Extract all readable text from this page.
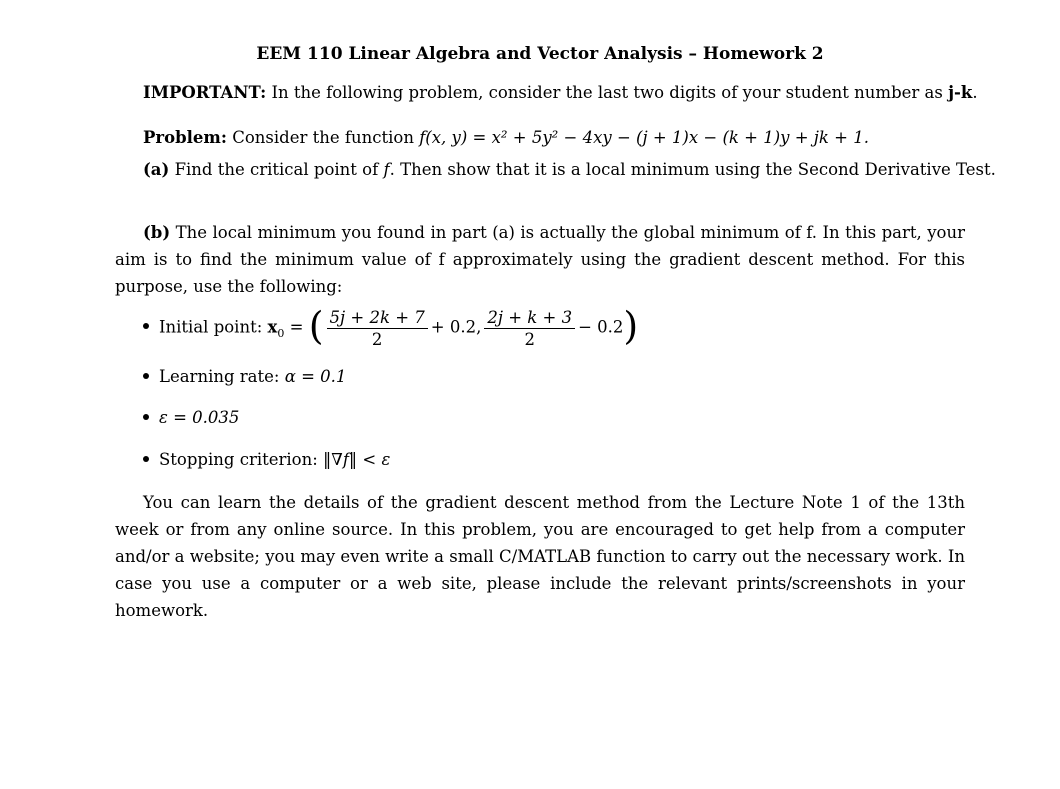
EEM 110 Linear Algebra and Vector Analysis – Homework 2
IMPORTANT: In the following problem, consider the last two digits of your student number as j-k.
Problem: Consider the function f(x, y) = x² + 5y² − 4xy − (j + 1)x − (k + 1)y + jk + 1.
(a) Find the critical point of f. Then show that it is a local minimum using the Second Derivative Test.
(b) The local minimum you found in part (a) is actually the global minimum of f. In this part, your aim is to find the minimum value of f approximately using the gradient descent method. For this purpose, use the following:
Initial point: $x_0$ = ( $\frac{5j + 2k + 7}{2} + 0.2$, $\frac{2j + k + 3}{2} - 0.2$)
Learning rate: α = 0.1
ε = 0.035
Stopping criterion: ‖∇f‖ < ε
You can learn the details of the gradient descent method from the Lecture Note 1 of the 13th week or from any online source. In this problem, you are encouraged to get help from a computer and/or a website; you may even write a small C/MATLAB function to carry out the necessary work. In case you use a computer or a web site, please include the relevant prints/screenshots in your homework.
